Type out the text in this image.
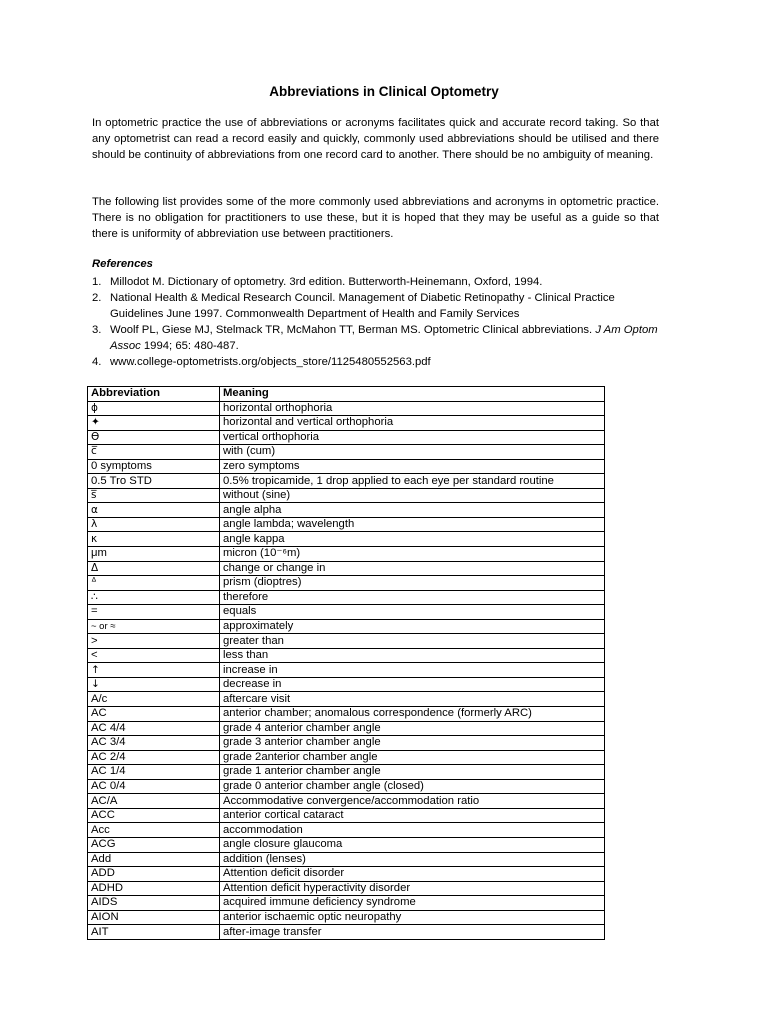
Abbreviations in Clinical Optometry

In optometric practice the use of abbreviations or acronyms facilitates quick and accurate record taking. So that any optometrist can read a record easily and quickly, commonly used abbreviations should be utilised and there should be continuity of abbreviations from one record card to another. There should be no ambiguity of meaning.

The following list provides some of the more commonly used abbreviations and acronyms in optometric practice. There is no obligation for practitioners to use these, but it is hoped that they may be useful as a guide so that there is uniformity of abbreviation use between practitioners.

References
1. Millodot M. Dictionary of optometry. 3rd edition. Butterworth-Heinemann, Oxford, 1994.
2. National Health & Medical Research Council. Management of Diabetic Retinopathy - Clinical Practice Guidelines June 1997. Commonwealth Department of Health and Family Services
3. Woolf PL, Giese MJ, Stelmack TR, McMahon TT, Berman MS. Optometric Clinical abbreviations. J Am Optom Assoc 1994; 65: 480-487.
4. www.college-optometrists.org/objects_store/1125480552563.pdf
Abbreviation	Meaning
ϕ	horizontal orthophoria
✦	horizontal and vertical orthophoria
ϴ	vertical orthophoria
c̅	with (cum)
0 symptoms	zero symptoms
0.5 Tro STD	0.5% tropicamide, 1 drop applied to each eye per standard routine
s̅	without (sine)
α	angle alpha
λ	angle lambda; wavelength
κ	angle kappa
μm	micron (10⁻⁶m)
Δ	change or change in
ᐞ	prism (dioptres)
∴	therefore
=	equals
~ or ≈	approximately
>	greater than
<	less than
↑	increase in
↓	decrease in
A/c	aftercare visit
AC	anterior chamber; anomalous correspondence (formerly ARC)
AC 4/4	grade 4 anterior chamber angle
AC 3/4	grade 3 anterior chamber angle
AC 2/4	grade 2anterior chamber angle
AC 1/4	grade 1 anterior chamber angle
AC 0/4	grade 0 anterior chamber angle (closed)
AC/A	Accommodative convergence/accommodation ratio
ACC	anterior cortical cataract
Acc	accommodation
ACG	angle closure glaucoma
Add	addition (lenses)
ADD	Attention deficit disorder
ADHD	Attention deficit hyperactivity disorder
AIDS	acquired immune deficiency syndrome
AION	anterior ischaemic optic neuropathy
AIT	after-image transfer
